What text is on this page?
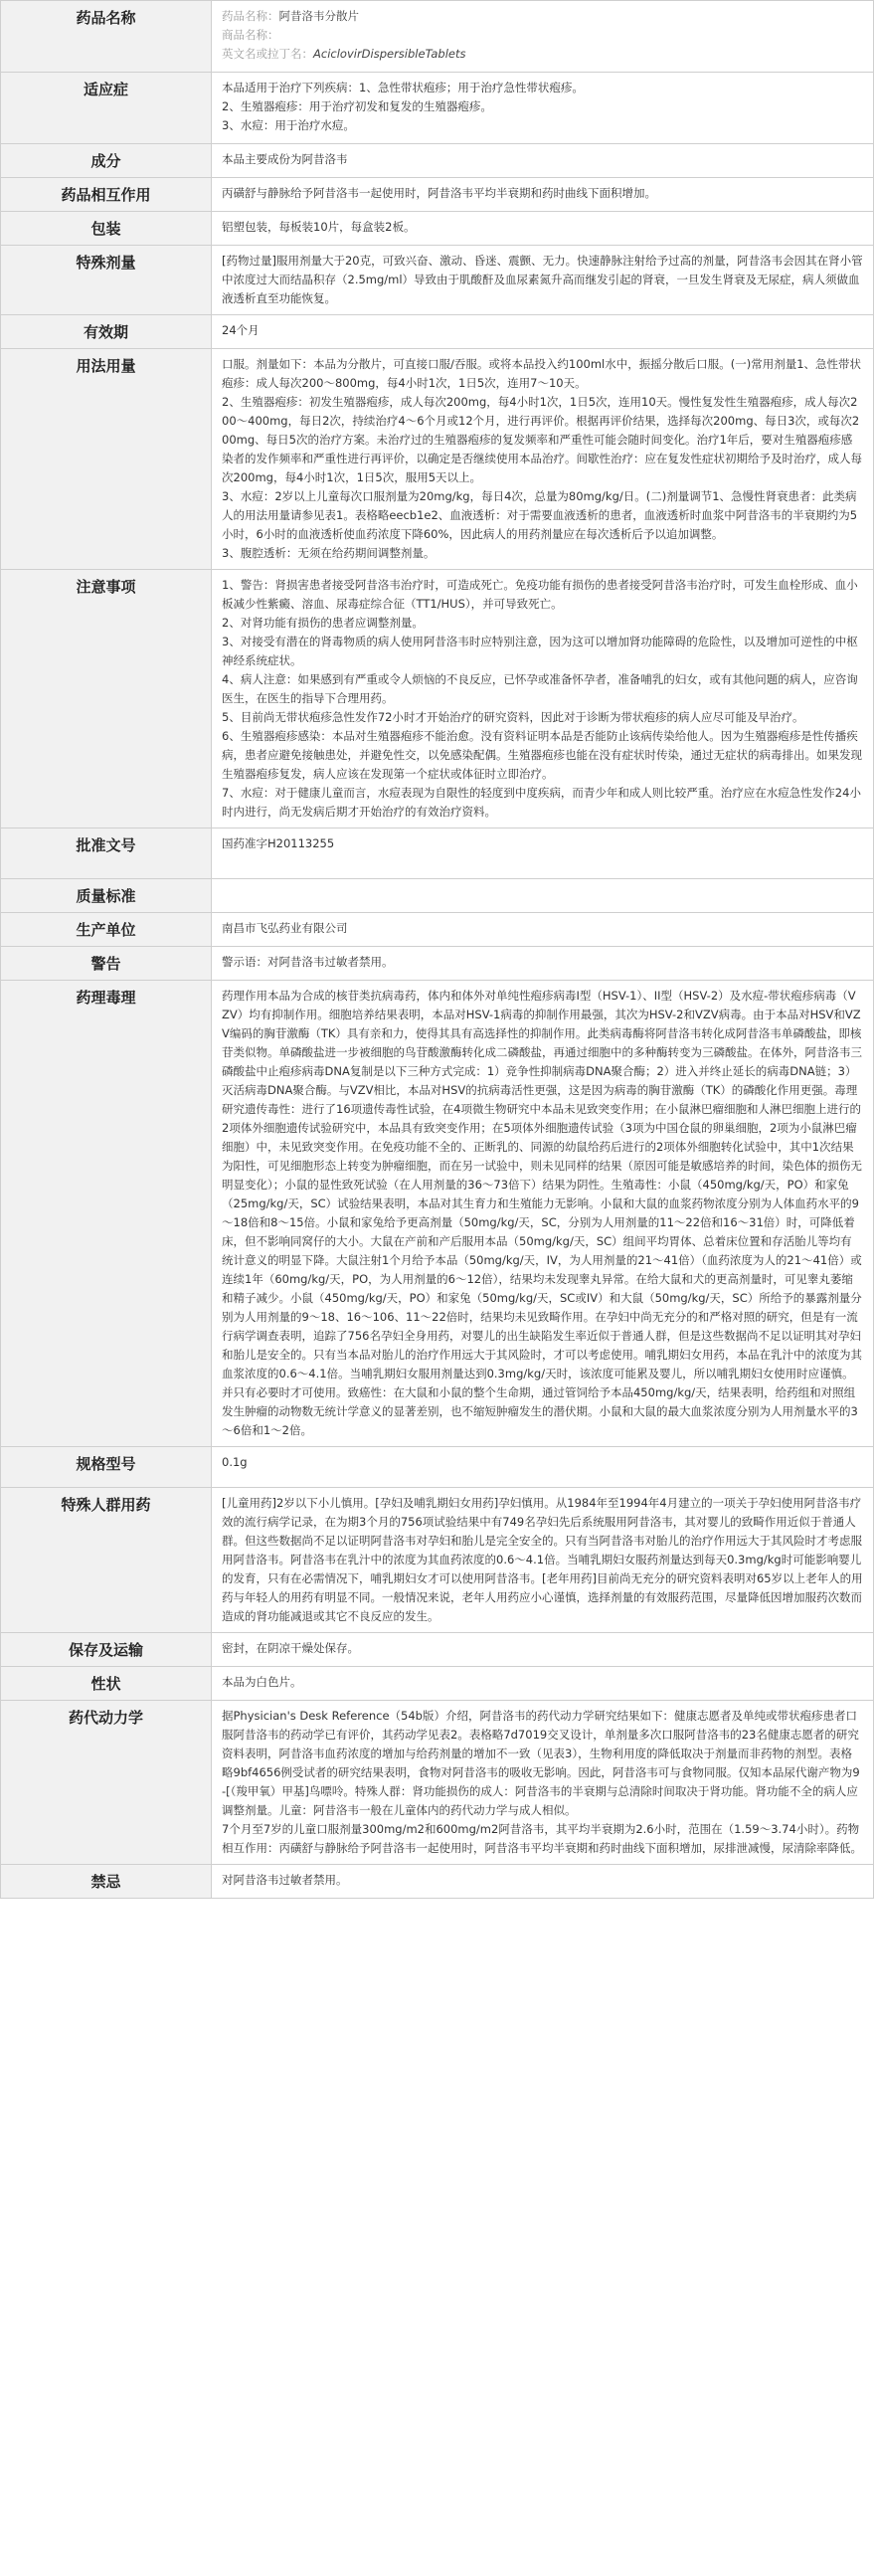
药品名称	药品名称：阿昔洛韦分散片
商品名称：
英文名或拉丁名：AciclovirDispersibleTablets
适应症	本品适用于治疗下列疾病：1、急性带状疱疹；用于治疗急性带状疱疹。
2、生殖器疱疹：用于治疗初发和复发的生殖器疱疹。
3、水痘：用于治疗水痘。
成分	本品主要成份为阿昔洛韦
药品相互作用	丙磺舒与静脉给予阿昔洛韦一起使用时，阿昔洛韦平均半衰期和药时曲线下面积增加。
包装	铝塑包装，每板装10片，每盒装2板。
特殊剂量	[药物过量]服用剂量大于20克，可致兴奋、激动、昏迷、震颤、无力。快速静脉注射给予过高的剂量，阿昔洛韦会因其在肾小管中浓度过大而结晶积存（2.5mg/ml）导致由于肌酸酐及血尿素氮升高而继发引起的肾衰，一旦发生肾衰及无尿症，病人须做血液透析直至功能恢复。
有效期	24个月
用法用量	口服。剂量如下：本品为分散片，可直接口服/吞服。或将本品投入约100ml水中，振摇分散后口服。(一)常用剂量1、急性带状疱疹：成人每次200～800mg，每4小时1次，1日5次，连用7～10天。
2、生殖器疱疹：初发生殖器疱疹，成人每次200mg，每4小时1次，1日5次，连用10天。慢性复发性生殖器疱疹，成人每次200～400mg，每日2次，持续治疗4～6个月或12个月，进行再评价。根据再评价结果，选择每次200mg、每日3次，或每次200mg、每日5次的治疗方案。未治疗过的生殖器疱疹的复发频率和严重性可能会随时间变化。治疗1年后，要对生殖器疱疹感染者的发作频率和严重性进行再评价，以确定是否继续使用本品治疗。间歇性治疗：应在复发性症状初期给予及时治疗，成人每次200mg，每4小时1次，1日5次，服用5天以上。
3、水痘：2岁以上儿童每次口服剂量为20mg/kg，每日4次，总量为80mg/kg/日。(二)剂量调节1、急慢性肾衰患者：此类病人的用法用量请参见表1。表格略eecb1e2、血液透析：对于需要血液透析的患者，血液透析时血浆中阿昔洛韦的半衰期约为5小时，6小时的血液透析使血药浓度下降60%，因此病人的用药剂量应在每次透析后予以追加调整。
3、腹腔透析：无须在给药期间调整剂量。
注意事项	1、警告：肾损害患者接受阿昔洛韦治疗时，可造成死亡。免疫功能有损伤的患者接受阿昔洛韦治疗时，可发生血栓形成、血小板减少性紫癜、溶血、尿毒症综合征（TT1/HUS），并可导致死亡。
2、对肾功能有损伤的患者应调整剂量。
3、对接受有潜在的肾毒物质的病人使用阿昔洛韦时应特别注意，因为这可以增加肾功能障碍的危险性，以及增加可逆性的中枢神经系统症状。
4、病人注意：如果感到有严重或令人烦恼的不良反应，已怀孕或准备怀孕者，准备哺乳的妇女，或有其他问题的病人，应咨询医生，在医生的指导下合理用药。
5、目前尚无带状疱疹急性发作72小时才开始治疗的研究资料，因此对于诊断为带状疱疹的病人应尽可能及早治疗。
6、生殖器疱疹感染：本品对生殖器疱疹不能治愈。没有资料证明本品是否能防止该病传染给他人。因为生殖器疱疹是性传播疾病，患者应避免接触患处，并避免性交，以免感染配偶。生殖器疱疹也能在没有症状时传染，通过无症状的病毒排出。如果发现生殖器疱疹复发，病人应该在发现第一个症状或体征时立即治疗。
7、水痘：对于健康儿童而言，水痘表现为自限性的轻度到中度疾病，而青少年和成人则比较严重。治疗应在水痘急性发作24小时内进行，尚无发病后期才开始治疗的有效治疗资料。
批准文号	国药准字H20113255
质量标准
生产单位	南昌市飞弘药业有限公司
警告	警示语：对阿昔洛韦过敏者禁用。
药理毒理	药理作用本品为合成的核苷类抗病毒药，体内和体外对单纯性疱疹病毒I型（HSV-1）、II型（HSV-2）及水痘-带状疱疹病毒（VZV）均有抑制作用。细胞培养结果表明，本品对HSV-1病毒的抑制作用最强，其次为HSV-2和VZV病毒。由于本品对HSV和VZV编码的胸苷激酶（TK）具有亲和力，使得其具有高选择性的抑制作用。此类病毒酶将阿昔洛韦转化成阿昔洛韦单磷酸盐，即核苷类似物。单磷酸盐进一步被细胞的鸟苷酸激酶转化成二磷酸盐，再通过细胞中的多种酶转变为三磷酸盐。在体外，阿昔洛韦三磷酸盐中止疱疹病毒DNA复制是以下三种方式完成：1）竞争性抑制病毒DNA聚合酶；2）进入并终止延长的病毒DNA链；3）灭活病毒DNA聚合酶。与VZV相比，本品对HSV的抗病毒活性更强，这是因为病毒的胸苷激酶（TK）的磷酸化作用更强。毒理研究遗传毒性：进行了16项遗传毒性试验，在4项微生物研究中本品未见致突变作用；在小鼠淋巴瘤细胞和人淋巴细胞上进行的2项体外细胞遗传试验研究中，本品具有致突变作用；在5项体外细胞遗传试验（3项为中国仓鼠的卵巢细胞，2项为小鼠淋巴瘤细胞）中，未见致突变作用。在免疫功能不全的、正断乳的、同源的幼鼠给药后进行的2项体外细胞转化试验中，其中1次结果为阳性，可见细胞形态上转变为肿瘤细胞，而在另一试验中，则未见同样的结果（原因可能是敏感培养的时间，染色体的损伤无明显变化）；小鼠的显性致死试验（在人用剂量的36～73倍下）结果为阴性。生殖毒性：小鼠（450mg/kg/天，PO）和家兔（25mg/kg/天，SC）试验结果表明，本品对其生育力和生殖能力无影响。小鼠和大鼠的血浆药物浓度分别为人体血药水平的9～18倍和8～15倍。小鼠和家兔给予更高剂量（50mg/kg/天，SC，分别为人用剂量的11～22倍和16～31倍）时，可降低着床，但不影响同窝仔的大小。大鼠在产前和产后服用本品（50mg/kg/天，SC）组间平均胃体、总着床位置和存活胎儿等均有统计意义的明显下降。大鼠注射1个月给予本品（50mg/kg/天，IV，为人用剂量的21～41倍）（血药浓度为人的21～41倍）或连续1年（60mg/kg/天，PO，为人用剂量的6～12倍），结果均未发现睾丸异常。在给大鼠和犬的更高剂量时，可见睾丸萎缩和精子减少。小鼠（450mg/kg/天，PO）和家兔（50mg/kg/天，SC或IV）和大鼠（50mg/kg/天，SC）所给予的暴露剂量分别为人用剂量的9～18、16～106、11～22倍时，结果均未见致畸作用。在孕妇中尚无充分的和严格对照的研究，但是有一流行病学调查表明，追踪了756名孕妇全身用药，对婴儿的出生缺陷发生率近似于普通人群，但是这些数据尚不足以证明其对孕妇和胎儿是安全的。只有当本品对胎儿的治疗作用远大于其风险时，才可以考虑使用。哺乳期妇女用药，本品在乳汁中的浓度为其血浆浓度的0.6～4.1倍。当哺乳期妇女服用剂量达到0.3mg/kg/天时，该浓度可能累及婴儿，所以哺乳期妇女使用时应谨慎。并只有必要时才可使用。致癌性：在大鼠和小鼠的整个生命期，通过管饲给予本品450mg/kg/天，结果表明，给药组和对照组发生肿瘤的动物数无统计学意义的显著差别，也不缩短肿瘤发生的潜伏期。小鼠和大鼠的最大血浆浓度分别为人用剂量水平的3～6倍和1～2倍。
规格型号	0.1g
特殊人群用药	[儿童用药]2岁以下小儿慎用。[孕妇及哺乳期妇女用药]孕妇慎用。从1984年至1994年4月建立的一项关于孕妇使用阿昔洛韦疗效的流行病学记录，在为期3个月的756项试验结果中有749名孕妇先后系统服用阿昔洛韦，其对婴儿的致畸作用近似于普通人群。但这些数据尚不足以证明阿昔洛韦对孕妇和胎儿是完全安全的。只有当阿昔洛韦对胎儿的治疗作用远大于其风险时才考虑服用阿昔洛韦。阿昔洛韦在乳汁中的浓度为其血药浓度的0.6～4.1倍。当哺乳期妇女服药剂量达到每天0.3mg/kg时可能影响婴儿的发育，只有在必需情况下，哺乳期妇女才可以使用阿昔洛韦。[老年用药]目前尚无充分的研究资料表明对65岁以上老年人的用药与年轻人的用药有明显不同。一般情况来说，老年人用药应小心谨慎，选择剂量的有效服药范围，尽量降低因增加服药次数而造成的肾功能减退或其它不良反应的发生。
保存及运输	密封，在阴凉干燥处保存。
性状	本品为白色片。
药代动力学	据Physician's Desk Reference（54b版）介绍，阿昔洛韦的药代动力学研究结果如下：健康志愿者及单纯或带状疱疹患者口服阿昔洛韦的药动学已有评价，其药动学见表2。表格略7d7019交叉设计，单剂量多次口服阿昔洛韦的23名健康志愿者的研究资料表明，阿昔洛韦血药浓度的增加与给药剂量的增加不一致（见表3），生物利用度的降低取决于剂量而非药物的剂型。表格略9bf4656例受试者的研究结果表明，食物对阿昔洛韦的吸收无影响。因此，阿昔洛韦可与食物同服。仅知本品尿代谢产物为9-[（羧甲氧）甲基]鸟嘌呤。特殊人群：肾功能损伤的成人：阿昔洛韦的半衰期与总清除时间取决于肾功能。肾功能不全的病人应调整剂量。儿童：阿昔洛韦一般在儿童体内的药代动力学与成人相似。
7个月至7岁的儿童口服剂量300mg/m2和600mg/m2阿昔洛韦，其平均半衰期为2.6小时，范围在（1.59～3.74小时）。药物相互作用：丙磺舒与静脉给予阿昔洛韦一起使用时，阿昔洛韦平均半衰期和药时曲线下面积增加，尿排泄减慢，尿清除率降低。
禁忌	对阿昔洛韦过敏者禁用。
